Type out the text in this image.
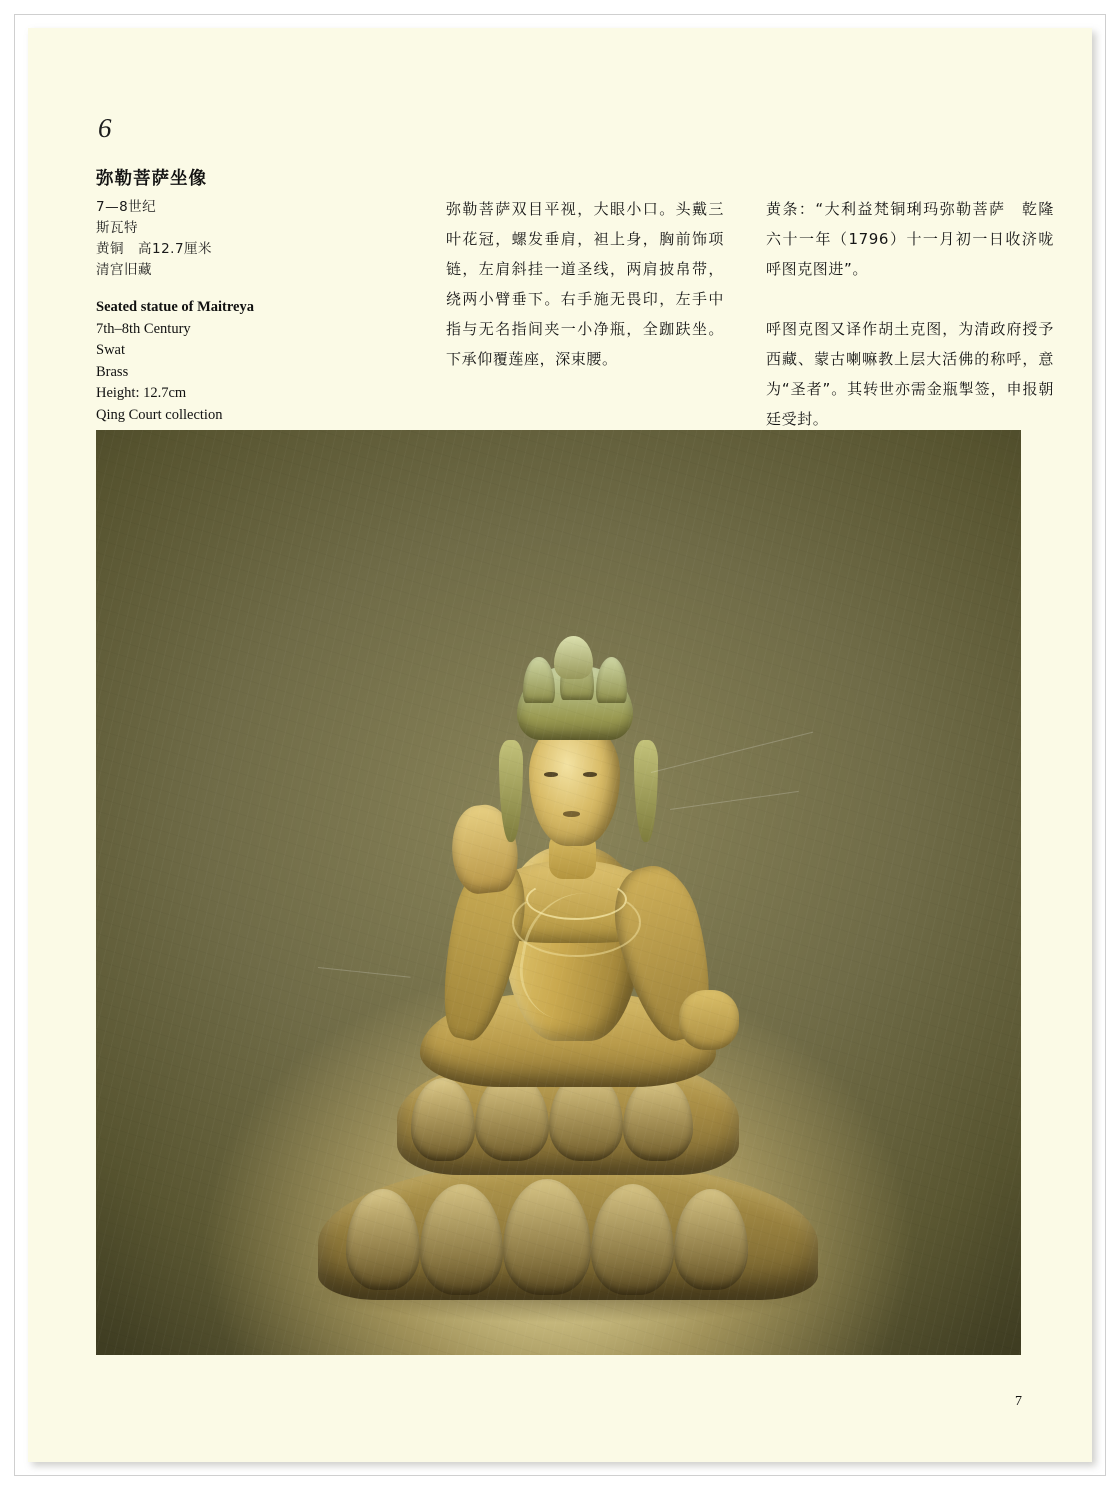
6
弥勒菩萨坐像
7—8世纪
斯瓦特
黄铜　高12.7厘米
清宫旧藏
Seated statue of Maitreya
7th–8th Century
Swat
Brass
Height: 12.7cm
Qing Court collection

弥勒菩萨双目平视，大眼小口。头戴三叶花冠，螺发垂肩，袒上身，胸前饰项链，左肩斜挂一道圣线，两肩披帛带，绕两小臂垂下。右手施无畏印，左手中指与无名指间夹一小净瓶，全跏趺坐。下承仰覆莲座，深束腰。

黄条：“大利益梵铜琍玛弥勒菩萨　乾隆六十一年（1796）十一月初一日收济咙呼图克图进”。

呼图克图又译作胡土克图，为清政府授予西藏、蒙古喇嘛教上层大活佛的称呼，意为“圣者”。其转世亦需金瓶掣签，申报朝廷受封。

7
